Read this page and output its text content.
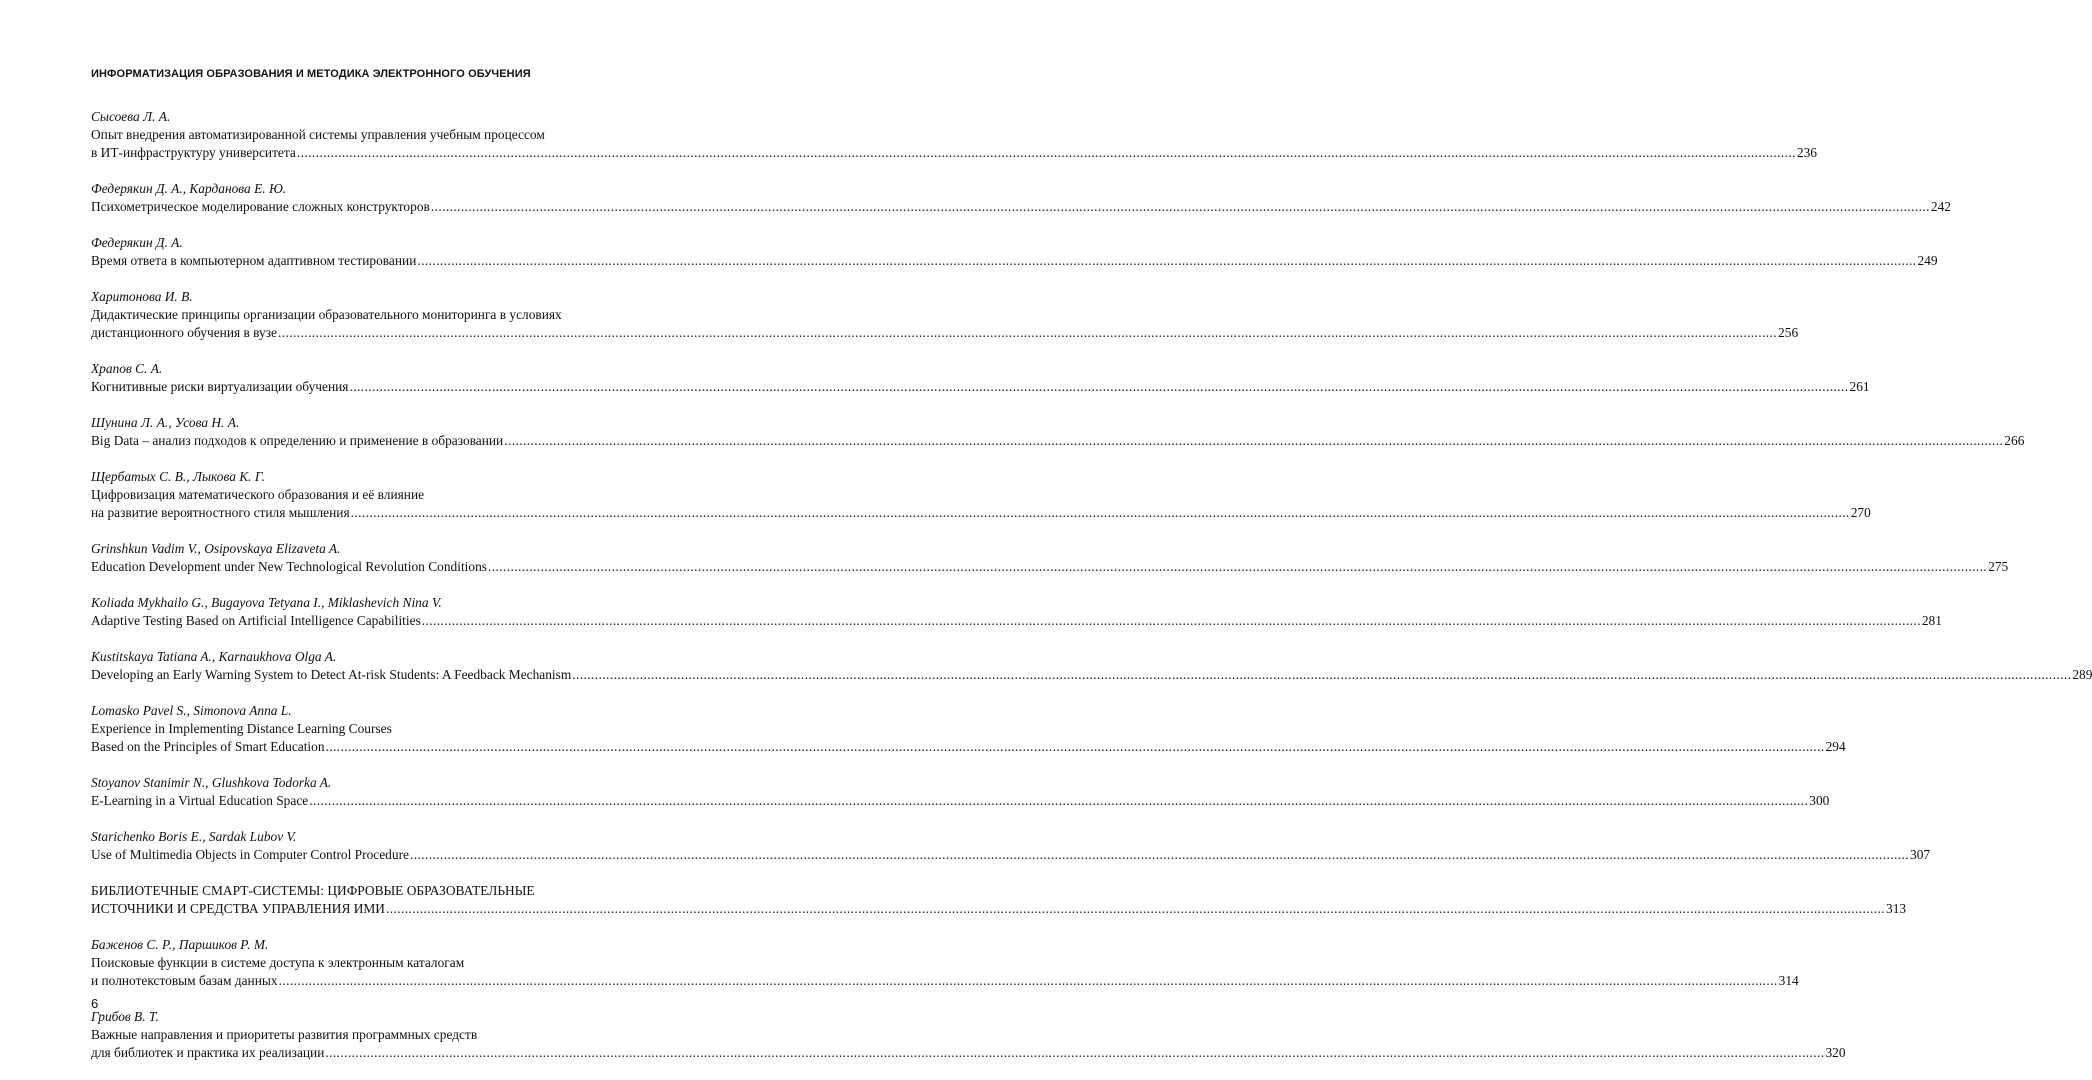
ИНФОРМАТИЗАЦИЯ ОБРАЗОВАНИЯ И МЕТОДИКА ЭЛЕКТРОННОГО ОБУЧЕНИЯ
Сысоева Л. А.
Опыт внедрения автоматизированной системы управления учебным процессом
в ИТ-инфраструктуру университета ................................................................................................................................................................................................................................................................................................................................................................................................................ 236
Федерякин Д. А., Карданова Е. Ю.
Психометрическое моделирование сложных конструкторов ................................................................................................................................................................................................................................................................................................................................................................................................................ 242
Федерякин Д. А.
Время ответа в компьютерном адаптивном тестировании ................................................................................................................................................................................................................................................................................................................................................................................................................ 249
Харитонова И. В.
Дидактические принципы организации образовательного мониторинга в условиях
дистанционного обучения в вузе ................................................................................................................................................................................................................................................................................................................................................................................................................ 256
Храпов С. А.
Когнитивные риски виртуализации обучения ................................................................................................................................................................................................................................................................................................................................................................................................................ 261
Шунина Л. А., Усова Н. А.
Big Data – анализ подходов к определению и применение в образовании ................................................................................................................................................................................................................................................................................................................................................................................................................ 266
Щербатых С. В., Лыкова К. Г.
Цифровизация математического образования и её влияние
на развитие вероятностного стиля мышления ................................................................................................................................................................................................................................................................................................................................................................................................................ 270
Grinshkun Vadim V., Osipovskaya Elizaveta A.
Education Development under New Technological Revolution Conditions ................................................................................................................................................................................................................................................................................................................................................................................................................ 275
Koliada Mykhailo G., Bugayova Tetyana I., Miklashevich Nina V.
Adaptive Testing Based on Artificial Intelligence Capabilities ................................................................................................................................................................................................................................................................................................................................................................................................................ 281
Kustitskaya Tatiana A., Karnaukhova Olga A.
Developing an Early Warning System to Detect At-risk Students: A Feedback Mechanism ................................................................................................................................................................................................................................................................................................................................................................................................................ 289
Lomasko Pavel S., Simonova Anna L.
Experience in Implementing Distance Learning Courses
Based on the Principles of Smart Education ................................................................................................................................................................................................................................................................................................................................................................................................................ 294
Stoyanov Stanimir N., Glushkova Todorka A.
E-Learning in a Virtual Education Space ................................................................................................................................................................................................................................................................................................................................................................................................................ 300
Starichenko Boris E., Sardak Lubov V.
Use of Multimedia Objects in Computer Control Procedure ................................................................................................................................................................................................................................................................................................................................................................................................................ 307
БИБЛИОТЕЧНЫЕ СМАРТ-СИСТЕМЫ: ЦИФРОВЫЕ ОБРАЗОВАТЕЛЬНЫЕ
ИСТОЧНИКИ И СРЕДСТВА УПРАВЛЕНИЯ ИМИ ................................................................................................................................................................................................................................................................................................................................................................................................................ 313
Баженов С. Р., Паршиков Р. М.
Поисковые функции в системе доступа к электронным каталогам
и полнотекстовым базам данных ................................................................................................................................................................................................................................................................................................................................................................................................................ 314
Грибов В. Т.
Важные направления и приоритеты развития программных средств
для библиотек и практика их реализации ................................................................................................................................................................................................................................................................................................................................................................................................................ 320
6
